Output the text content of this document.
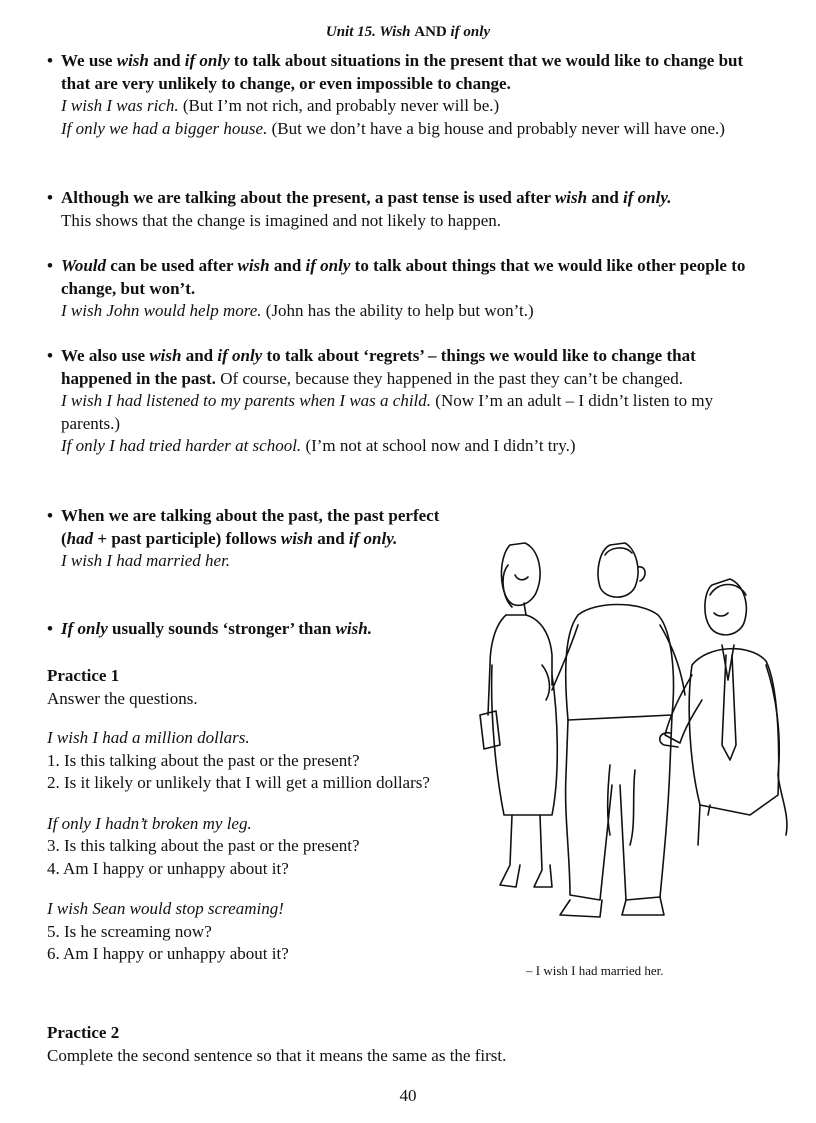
Unit 15. Wish AND if only
• We use wish and if only to talk about situations in the present that we would like to change but that are very unlikely to change, or even impossible to change.
I wish I was rich. (But I’m not rich, and probably never will be.)
If only we had a bigger house. (But we don’t have a big house and probably never will have one.)
• Although we are talking about the present, a past tense is used after wish and if only.
This shows that the change is imagined and not likely to happen.
• Would can be used after wish and if only to talk about things that we would like other people to change, but won’t.
I wish John would help more. (John has the ability to help but won’t.)
• We also use wish and if only to talk about ‘regrets’ – things we would like to change that happened in the past. Of course, because they happened in the past they can’t be changed.
I wish I had listened to my parents when I was a child. (Now I’m an adult – I didn’t listen to my parents.)
If only I had tried harder at school. (I’m not at school now and I didn’t try.)
• When we are talking about the past, the past perfect (had + past participle) follows wish and if only.
I wish I had married her.
• If only usually sounds ‘stronger’ than wish.
Practice 1
Answer the questions.
I wish I had a million dollars.
1. Is this talking about the past or the present?
2. Is it likely or unlikely that I will get a million dollars?
If only I hadn’t broken my leg.
3. Is this talking about the past or the present?
4. Am I happy or unhappy about it?
I wish Sean would stop screaming!
5. Is he screaming now?
6. Am I happy or unhappy about it?
– I wish I had married her.
Practice 2
Complete the second sentence so that it means the same as the first.
40
